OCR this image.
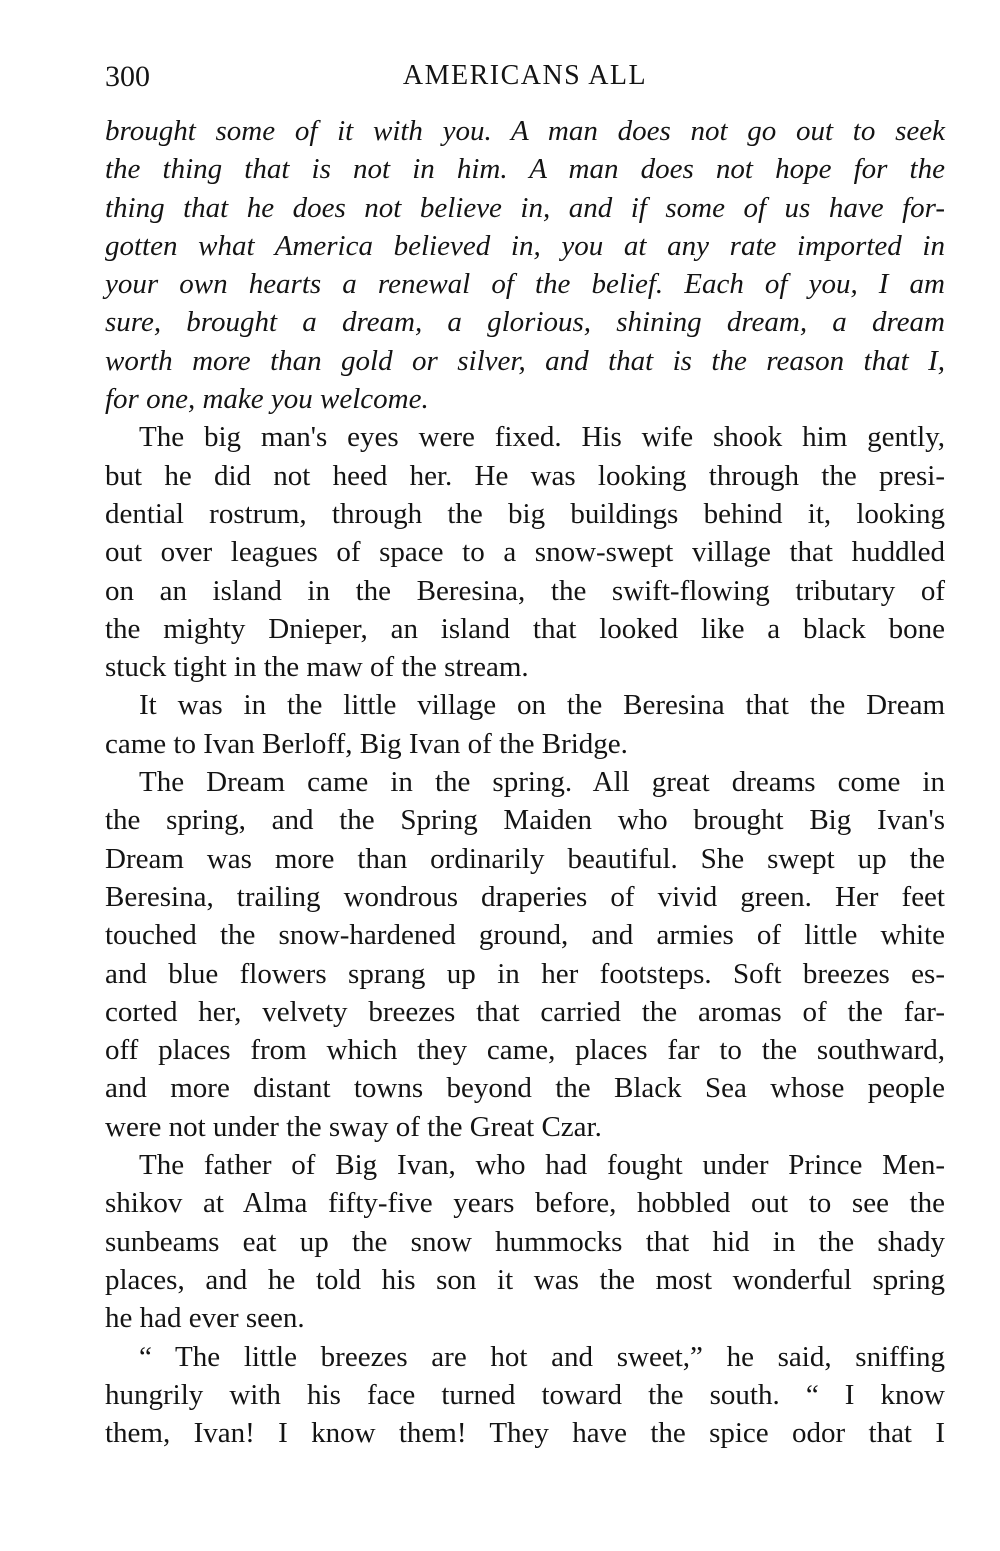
300	AMERICANS ALL
brought some of it with you. A man does not go out to seek
the thing that is not in him. A man does not hope for the
thing that he does not believe in, and if some of us have for-
gotten what America believed in, you at any rate imported in
your own hearts a renewal of the belief. Each of you, I am
sure, brought a dream, a glorious, shining dream, a dream
worth more than gold or silver, and that is the reason that I,
for one, make you welcome.
The big man's eyes were fixed. His wife shook him gently,
but he did not heed her. He was looking through the presi-
dential rostrum, through the big buildings behind it, looking
out over leagues of space to a snow-swept village that huddled
on an island in the Beresina, the swift-flowing tributary of
the mighty Dnieper, an island that looked like a black bone
stuck tight in the maw of the stream.
It was in the little village on the Beresina that the Dream
came to Ivan Berloff, Big Ivan of the Bridge.
The Dream came in the spring. All great dreams come in
the spring, and the Spring Maiden who brought Big Ivan's
Dream was more than ordinarily beautiful. She swept up the
Beresina, trailing wondrous draperies of vivid green. Her feet
touched the snow-hardened ground, and armies of little white
and blue flowers sprang up in her footsteps. Soft breezes es-
corted her, velvety breezes that carried the aromas of the far-
off places from which they came, places far to the southward,
and more distant towns beyond the Black Sea whose people
were not under the sway of the Great Czar.
The father of Big Ivan, who had fought under Prince Men-
shikov at Alma fifty-five years before, hobbled out to see the
sunbeams eat up the snow hummocks that hid in the shady
places, and he told his son it was the most wonderful spring
he had ever seen.
“ The little breezes are hot and sweet,” he said, sniffing
hungrily with his face turned toward the south. “ I know
them, Ivan! I know them! They have the spice odor that I
